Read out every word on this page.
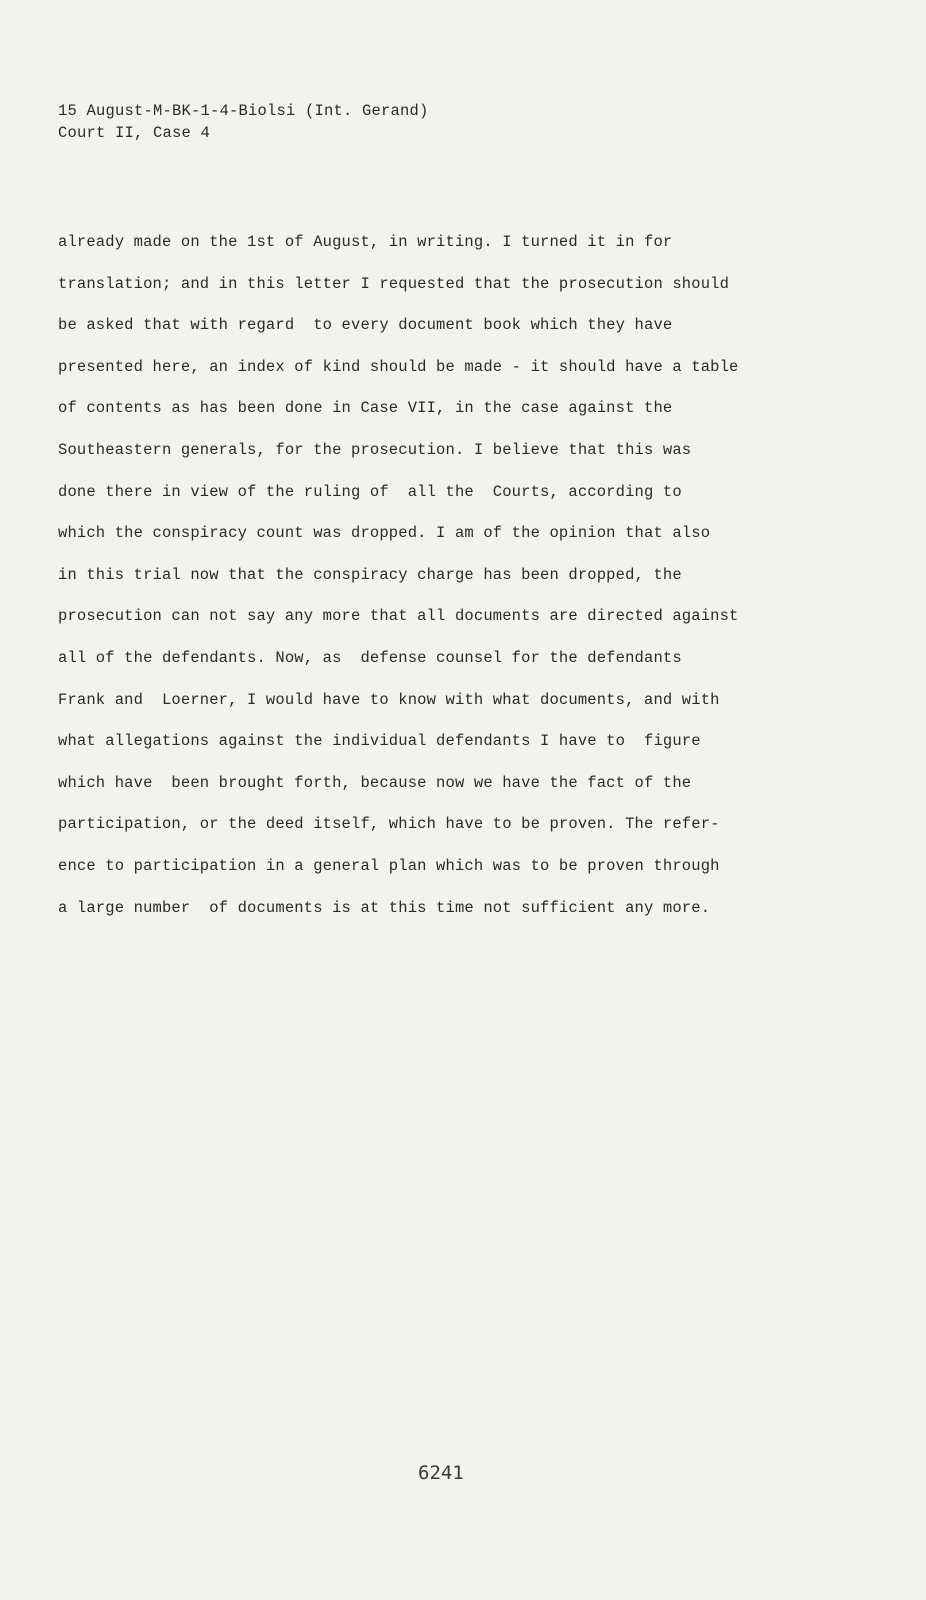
15 August-M-BK-1-4-Biolsi (Int. Gerand)
Court II, Case 4
already made on the 1st of August, in writing. I turned it in for
translation; and in this letter I requested that the prosecution should
be asked that with regard  to every document book which they have
presented here, an index of kind should be made - it should have a table
of contents as has been done in Case VII, in the case against the
Southeastern generals, for the prosecution. I believe that this was
done there in view of the ruling of  all the  Courts, according to
which the conspiracy count was dropped. I am of the opinion that also
in this trial now that the conspiracy charge has been dropped, the
prosecution can not say any more that all documents are directed against
all of the defendants. Now, as  defense counsel for the defendants
Frank and  Loerner, I would have to know with what documents, and with
what allegations against the individual defendants I have to  figure
which have  been brought forth, because now we have the fact of the
participation, or the deed itself, which have to be proven. The refer-
ence to participation in a general plan which was to be proven through
a large number  of documents is at this time not sufficient any more.
6241
